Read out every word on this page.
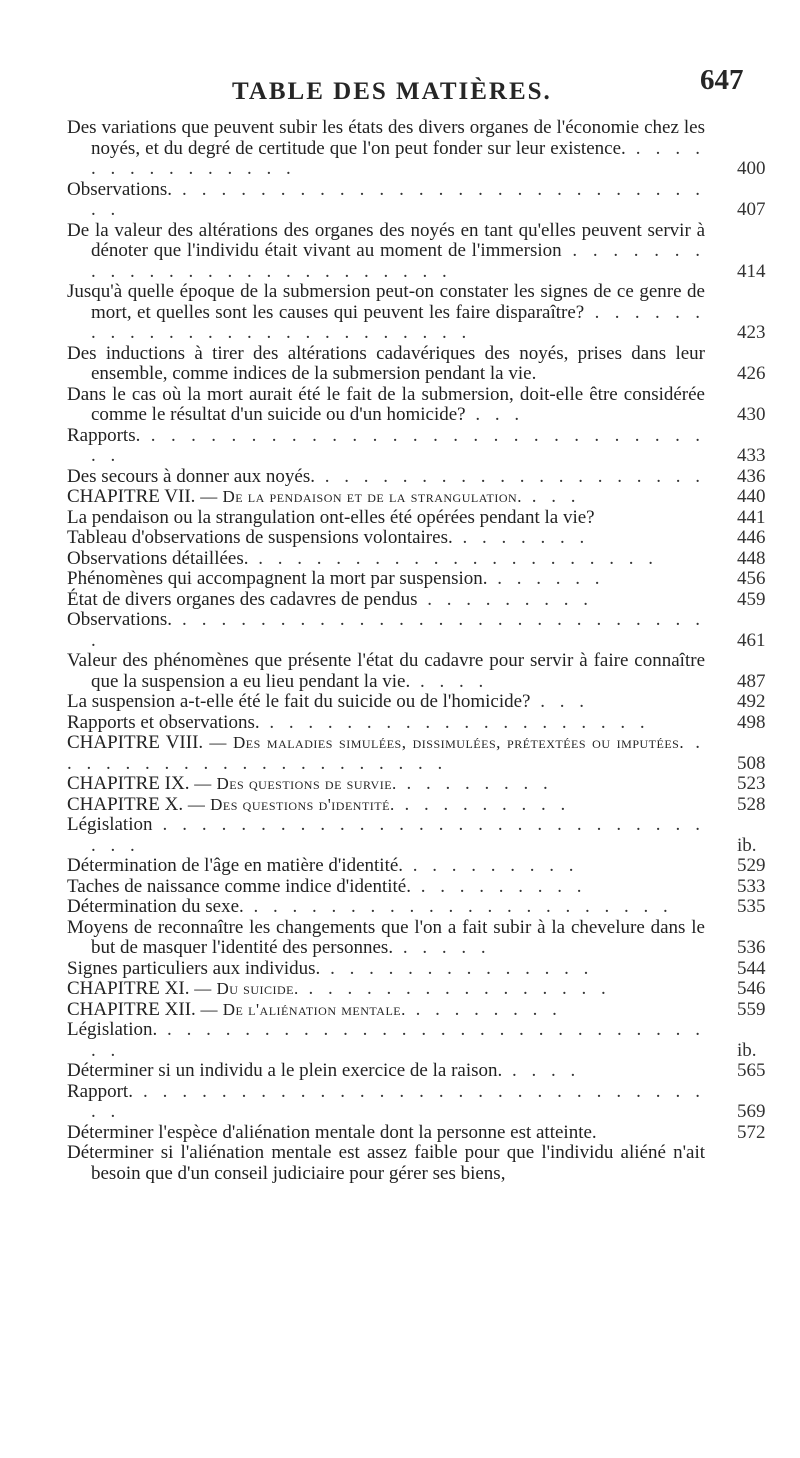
TABLE DES MATIÈRES.	647
Des variations que peuvent subir les états des divers organes de l'économie chez les noyés, et du degré de certitude que l'on peut fonder sur leur existence. . . . . . . . . . . . . . . .	400
Observations. . . . . . . . . . . . . . . . . . . . . . . . . . . . . .	407
De la valeur des altérations des organes des noyés en tant qu'elles peuvent servir à dénoter que l'individu était vivant au moment de l'immersion . . . . . . . . . . . . . . . . . . . . . . . . . .	414
Jusqu'à quelle époque de la submersion peut-on constater les signes de ce genre de mort, et quelles sont les causes qui peuvent les faire disparaître? . . . . . . . . . . . . . . . . . . . . . . . . . .	423
Des inductions à tirer des altérations cadavériques des noyés, prises dans leur ensemble, comme indices de la submersion pendant la vie.	426
Dans le cas où la mort aurait été le fait de la submersion, doit-elle être considérée comme le résultat d'un suicide ou d'un homicide? . . .	430
Rapports. . . . . . . . . . . . . . . . . . . . . . . . . . . . . . .	433
Des secours à donner aux noyés. . . . . . . . . . . . . . . . . . . . .	436
CHAPITRE VII. — De la pendaison et de la strangulation. . . .	440
La pendaison ou la strangulation ont-elles été opérées pendant la vie?	441
Tableau d'observations de suspensions volontaires. . . . . . . .	446
Observations détaillées. . . . . . . . . . . . . . . . . . . . . .	448
Phénomènes qui accompagnent la mort par suspension. . . . . . .	456
État de divers organes des cadavres de pendus . . . . . . . . .	459
Observations. . . . . . . . . . . . . . . . . . . . . . . . . . . . .	461
Valeur des phénomènes que présente l'état du cadavre pour servir à faire connaître que la suspension a eu lieu pendant la vie. . . . .	487
La suspension a-t-elle été le fait du suicide ou de l'homicide? . . .	492
Rapports et observations. . . . . . . . . . . . . . . . . . . . .	498
CHAPITRE VIII. — Des maladies simulées, dissimulées, prétextées ou imputées. . . . . . . . . . . . . . . . . . . . . .	508
CHAPITRE IX. — Des questions de survie. . . . . . . . .	523
CHAPITRE X. — Des questions d'identité. . . . . . . . . .	528
Législation . . . . . . . . . . . . . . . . . . . . . . . . . . . . . . .	ib.
Détermination de l'âge en matière d'identité. . . . . . . . . .	529
Taches de naissance comme indice d'identité. . . . . . . . . .	533
Détermination du sexe. . . . . . . . . . . . . . . . . . . . . . .	535
Moyens de reconnaître les changements que l'on a fait subir à la chevelure dans le but de masquer l'identité des personnes. . . . . .	536
Signes particuliers aux individus. . . . . . . . . . . . . . .	544
CHAPITRE XI. — Du suicide. . . . . . . . . . . . . . . . .	546
CHAPITRE XII. — De l'aliénation mentale. . . . . . . . .	559
Législation. . . . . . . . . . . . . . . . . . . . . . . . . . . . . . .	ib.
Déterminer si un individu a le plein exercice de la raison. . . . .	565
Rapport. . . . . . . . . . . . . . . . . . . . . . . . . . . . . . . .	569
Déterminer l'espèce d'aliénation mentale dont la personne est atteinte.	572
Déterminer si l'aliénation mentale est assez faible pour que l'individu aliéné n'ait besoin que d'un conseil judiciaire pour gérer ses biens,
